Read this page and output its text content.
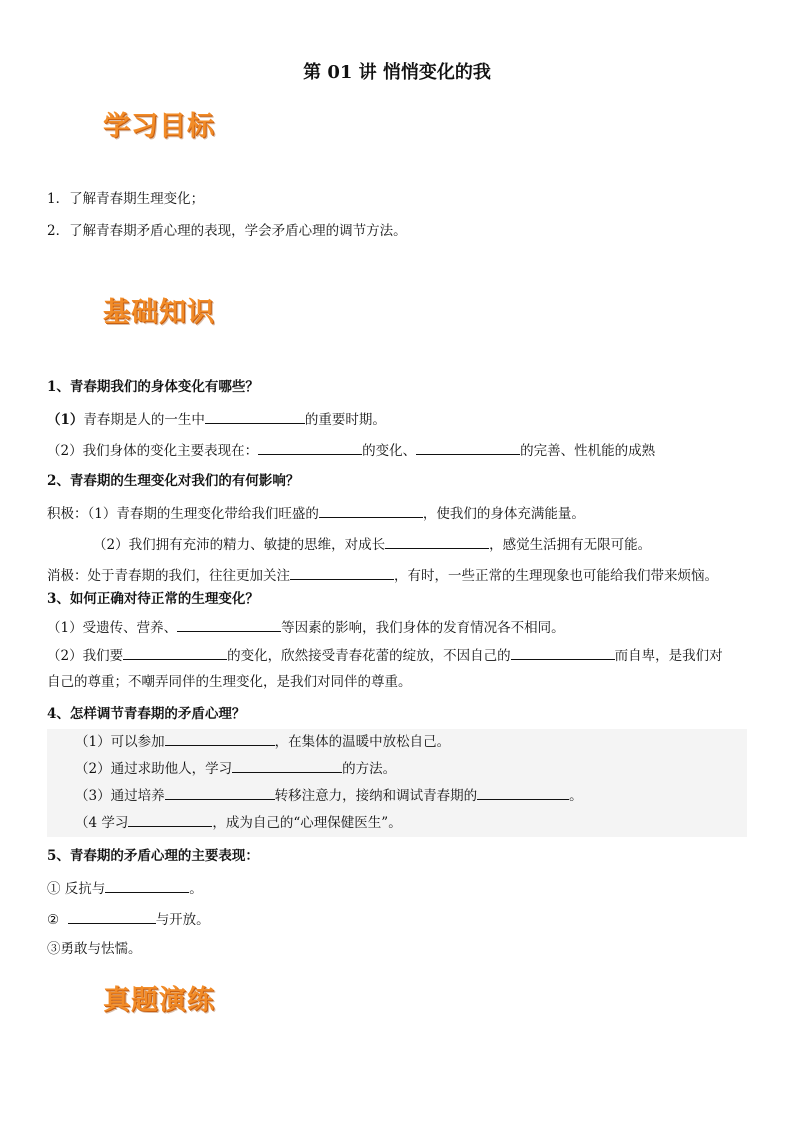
第 01 讲 悄悄变化的我
学习目标
1．了解青春期生理变化；
2．了解青春期矛盾心理的表现，学会矛盾心理的调节方法。
基础知识
1、青春期我们的身体变化有哪些？
（1）青春期是人的一生中	的重要时期。
（2）我们身体的变化主要表现在：	的变化、	的完善、性机能的成熟
2、青春期的生理变化对我们的有何影响？
积极：（1）青春期的生理变化带给我们旺盛的	，使我们的身体充满能量。
（2）我们拥有充沛的精力、敏捷的思维，对成长	，感觉生活拥有无限可能。
消极：处于青春期的我们，往往更加关注	，有时，一些正常的生理现象也可能给我们带来烦恼。
3、如何正确对待正常的生理变化？
（1）受遗传、营养、	等因素的影响，我们身体的发育情况各不相同。
（2）我们要	的变化，欣然接受青春花蕾的绽放，不因自己的	而自卑，是我们对
自己的尊重；不嘲弄同伴的生理变化，是我们对同伴的尊重。
4、怎样调节青春期的矛盾心理？
（1）可以参加	，在集体的温暖中放松自己。
（2）通过求助他人，学习	的方法。
（3）通过培养	转移注意力，接纳和调试青春期的	。
（4 学习	，成为自己的“心理保健医生”。
5、青春期的矛盾心理的主要表现：
① 反抗与	。
②	与开放。
③勇敢与怯懦。
真题演练
